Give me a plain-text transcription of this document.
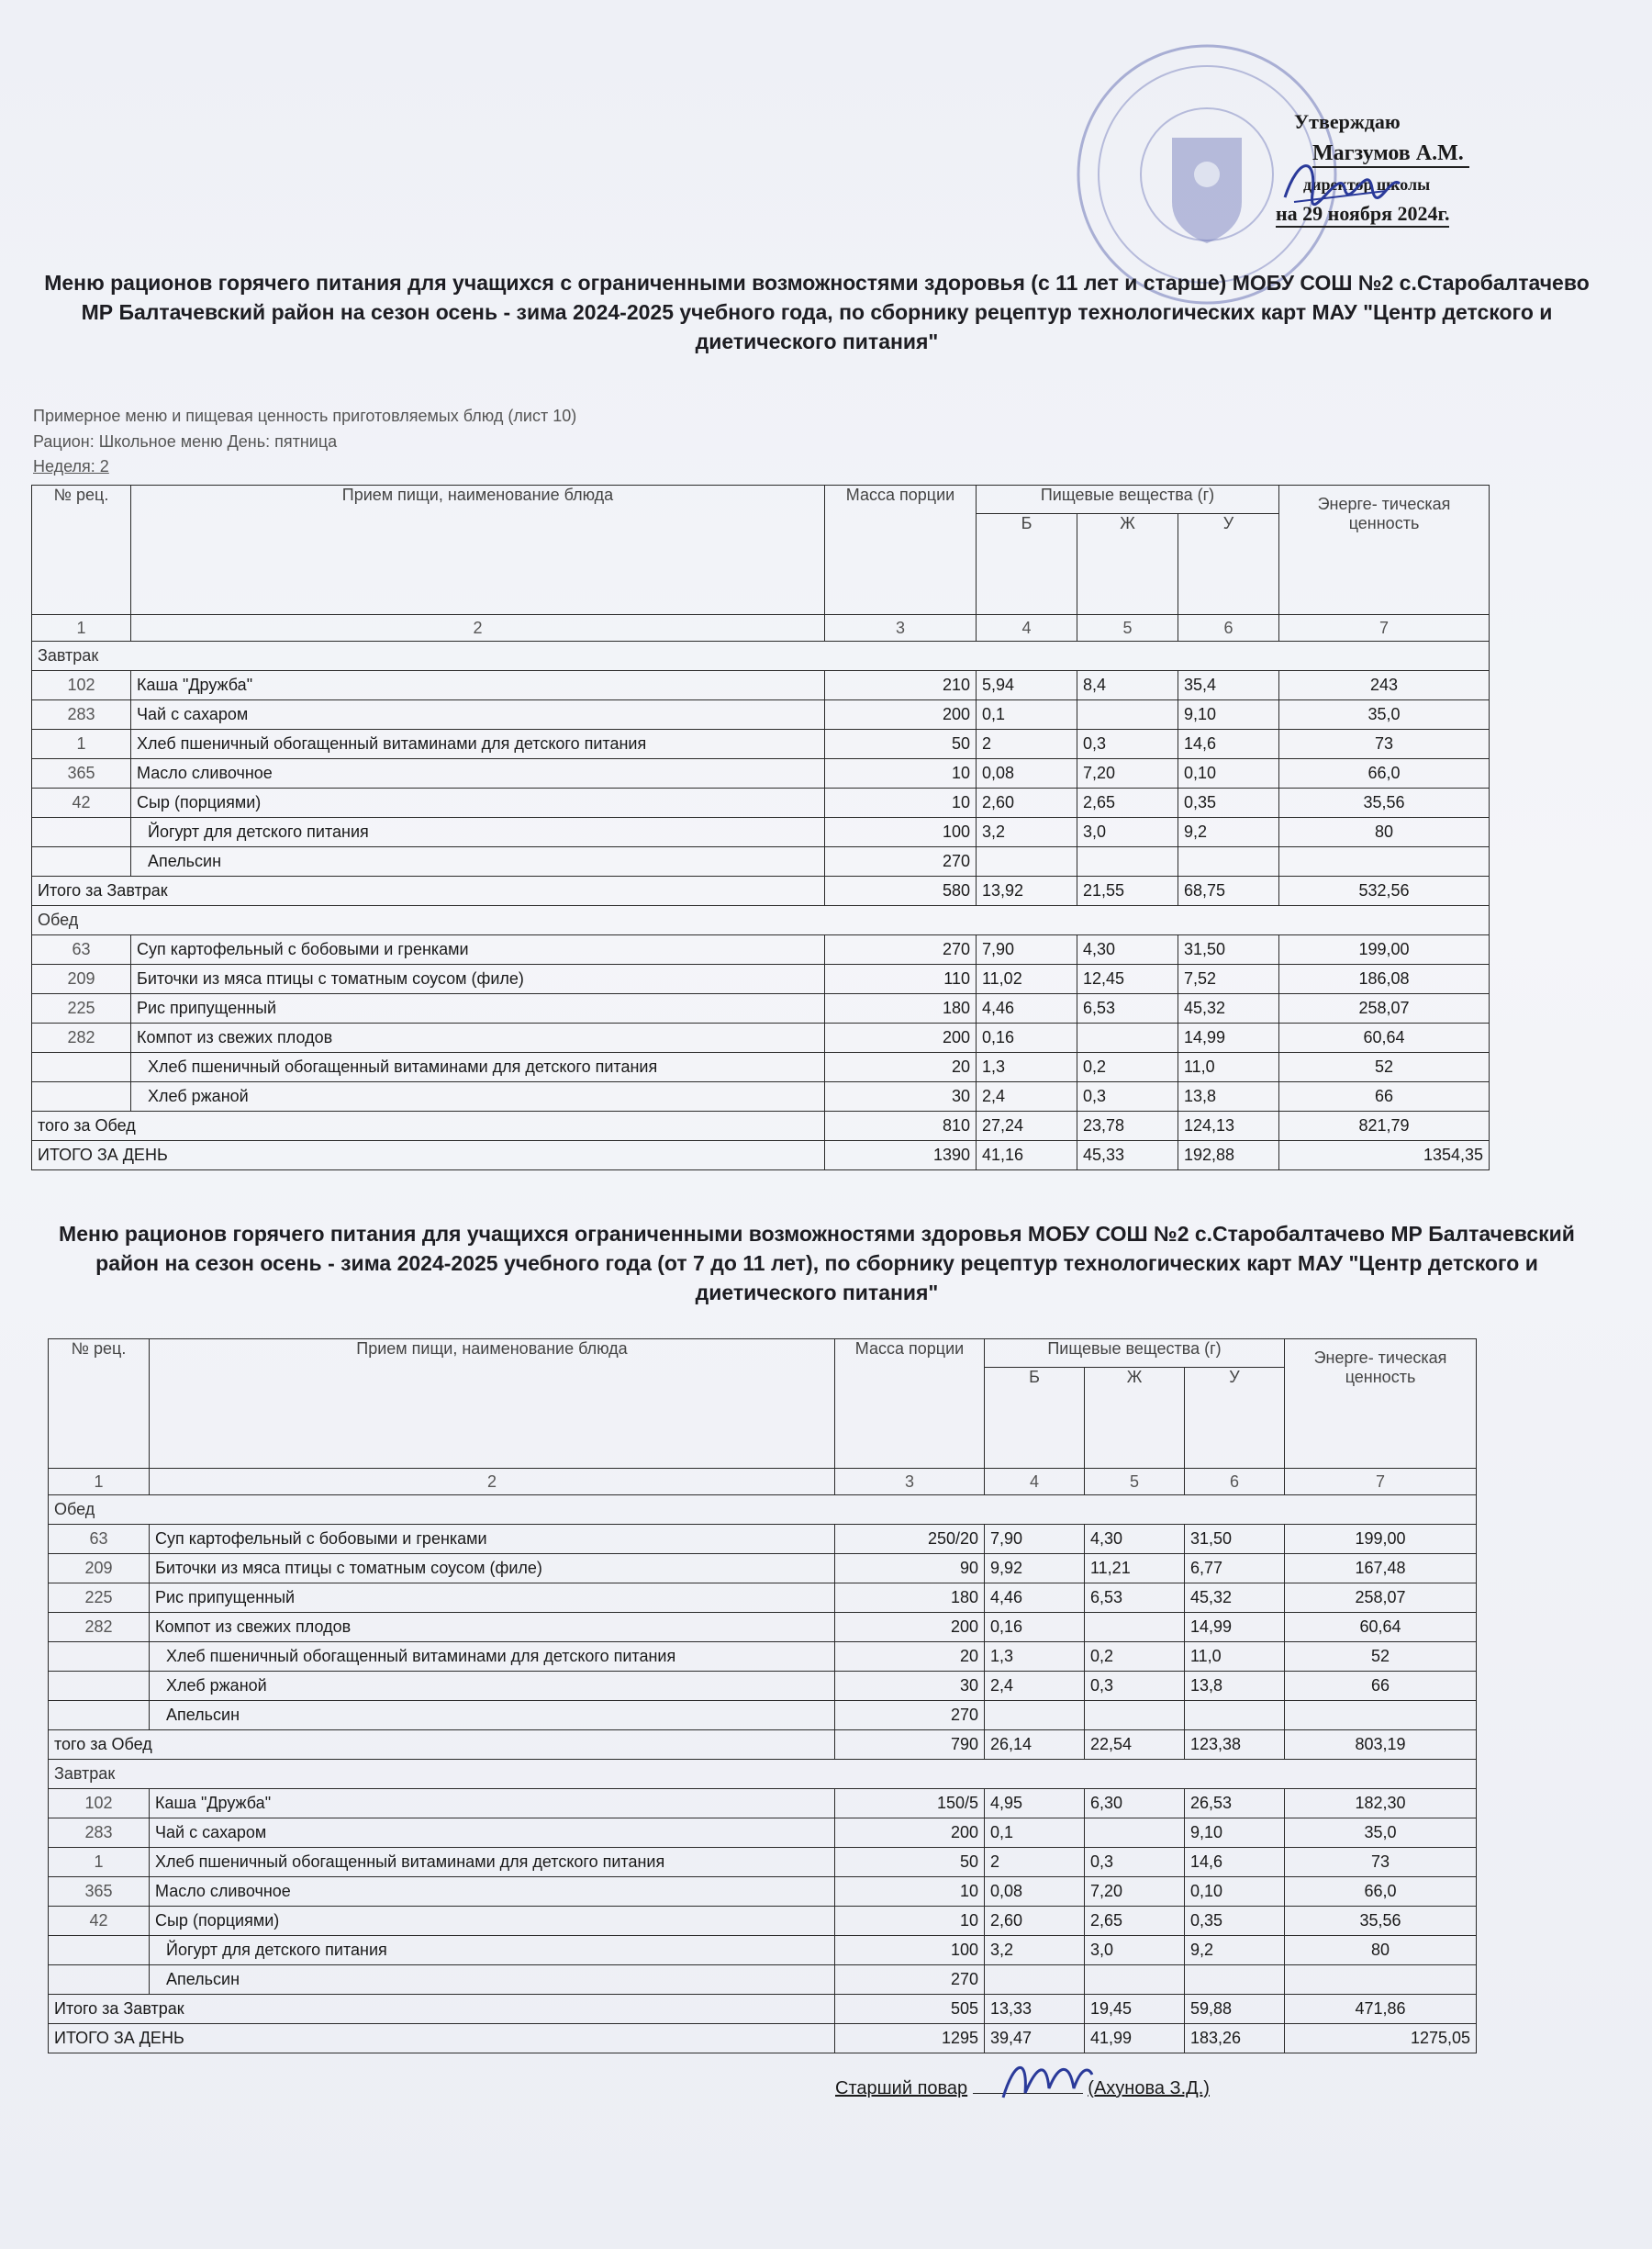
Утверждаю
Магзумов А.М.
директор школы
на 29 ноября 2024г.
Меню рационов горячего питания для учащихся с ограниченными возможностями здоровья (с 11 лет и старше) МОБУ СОШ №2 с.Старобалтачево МР Балтачевский район на сезон осень - зима 2024-2025 учебного года, по сборнику рецептур технологических карт МАУ "Центр детского и диетического питания"
Примерное меню и пищевая ценность приготовляемых блюд (лист 10)
Рацион: Школьное меню День: пятница
Неделя: 2
№ рец.	Прием пищи, наименование блюда	Масса порции	Пищевые вещества (г)			Энерге- тическая ценность
			Б	Ж	У	
1	2	3	4	5	6	7
Завтрак						
102	Каша "Дружба"	210	5,94	8,4	35,4	243
283	Чай с сахаром	200	0,1		9,10	35,0
1	Хлеб пшеничный обогащенный витаминами для детского питания	50	2	0,3	14,6	73
365	Масло сливочное	10	0,08	7,20	0,10	66,0
42	Сыр (порциями)	10	2,60	2,65	0,35	35,56
	Йогурт для детского питания	100	3,2	3,0	9,2	80
	Апельсин	270				
Итого за Завтрак		580	13,92	21,55	68,75	532,56
Обед						
63	Суп картофельный с бобовыми и гренками	270	7,90	4,30	31,50	199,00
209	Биточки из мяса птицы с томатным соусом (филе)	110	11,02	12,45	7,52	186,08
225	Рис припущенный	180	4,46	6,53	45,32	258,07
282	Компот из свежих плодов	200	0,16		14,99	60,64
	Хлеб пшеничный обогащенный витаминами для детского питания	20	1,3	0,2	11,0	52
	Хлеб ржаной	30	2,4	0,3	13,8	66
того за Обед		810	27,24	23,78	124,13	821,79
ИТОГО ЗА ДЕНЬ		1390	41,16	45,33	192,88	1354,35
Меню рационов горячего питания для учащихся ограниченными возможностями здоровья МОБУ СОШ №2 с.Старобалтачево МР Балтачевский район на сезон осень - зима 2024-2025 учебного года (от 7 до 11 лет), по сборнику рецептур технологических карт МАУ "Центр детского и диетического питания"
№ рец.	Прием пищи, наименование блюда	Масса порции	Пищевые вещества (г)			Энерге- тическая ценность
			Б	Ж	У	
1	2	3	4	5	6	7
Обед						
63	Суп картофельный с бобовыми и гренками	250/20	7,90	4,30	31,50	199,00
209	Биточки из мяса птицы с томатным соусом (филе)	90	9,92	11,21	6,77	167,48
225	Рис припущенный	180	4,46	6,53	45,32	258,07
282	Компот из свежих плодов	200	0,16		14,99	60,64
	Хлеб пшеничный обогащенный витаминами для детского питания	20	1,3	0,2	11,0	52
	Хлеб ржаной	30	2,4	0,3	13,8	66
	Апельсин	270				
того за Обед		790	26,14	22,54	123,38	803,19
Завтрак						
102	Каша "Дружба"	150/5	4,95	6,30	26,53	182,30
283	Чай с сахаром	200	0,1		9,10	35,0
1	Хлеб пшеничный обогащенный витаминами для детского питания	50	2	0,3	14,6	73
365	Масло сливочное	10	0,08	7,20	0,10	66,0
42	Сыр (порциями)	10	2,60	2,65	0,35	35,56
	Йогурт для детского питания	100	3,2	3,0	9,2	80
	Апельсин	270				
Итого за Завтрак		505	13,33	19,45	59,88	471,86
ИТОГО ЗА ДЕНЬ		1295	39,47	41,99	183,26	1275,05
Старший повар	(Ахунова З.Д.)
